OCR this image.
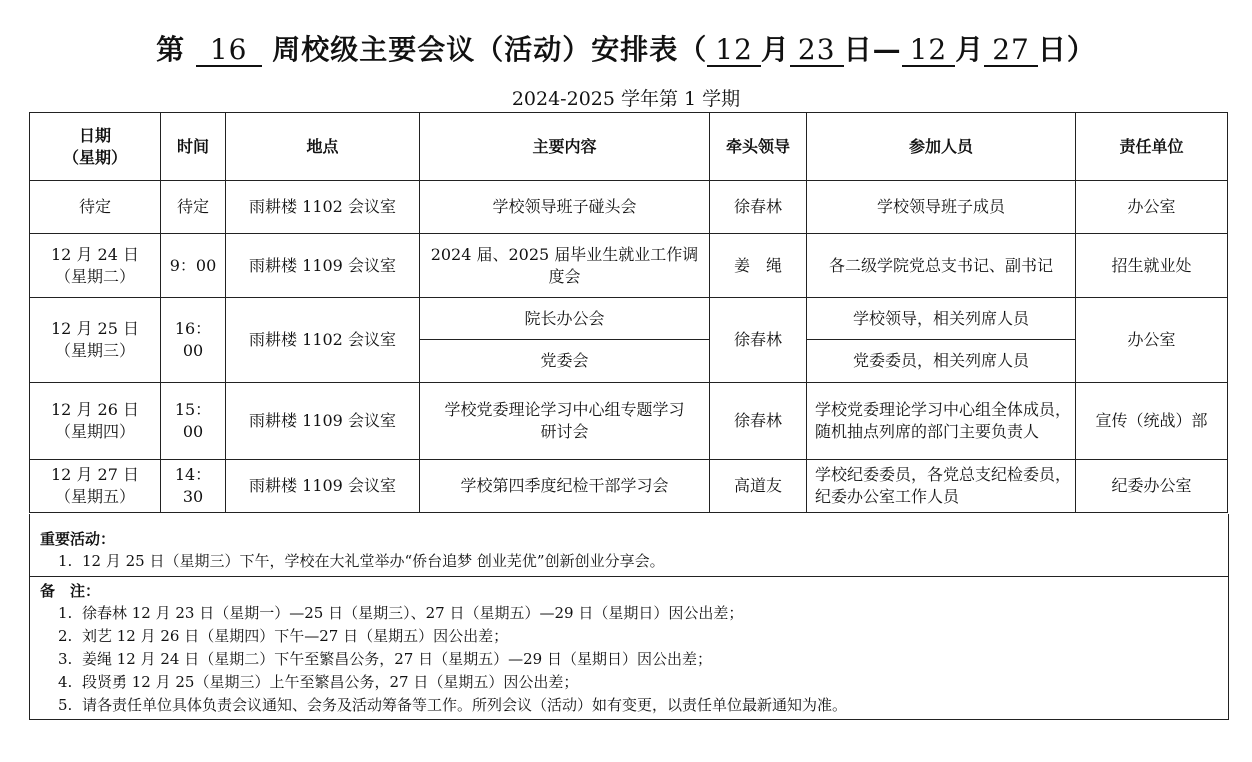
第 16 周校级主要会议（活动）安排表（ 12 月 23 日— 12 月 27 日）
2024-2025 学年第 1 学期
日期
（星期）	时间	地点	主要内容	牵头领导	参加人员	责任单位
待定	待定	雨耕楼 1102 会议室	学校领导班子碰头会	徐春林	学校领导班子成员	办公室
12 月 24 日
（星期二）	9：00	雨耕楼 1109 会议室	2024 届、2025 届毕业生就业工作调度会	姜　绳	各二级学院党总支书记、副书记	招生就业处
12 月 25 日
（星期三）	16：00	雨耕楼 1102 会议室	院长办公会	徐春林	学校领导，相关列席人员	办公室
			党委会		党委委员，相关列席人员	
12 月 26 日
（星期四）	15：00	雨耕楼 1109 会议室	学校党委理论学习中心组专题学习研讨会	徐春林	学校党委理论学习中心组全体成员，随机抽点列席的部门主要负责人	宣传（统战）部
12 月 27 日
（星期五）	14：30	雨耕楼 1109 会议室	学校第四季度纪检干部学习会	高道友	学校纪委委员，各党总支纪检委员，纪委办公室工作人员	纪委办公室
重要活动：
1. 12 月 25 日（星期三）下午，学校在大礼堂举办“侨台追梦 创业芜优”创新创业分享会。
备　注：
1. 徐春林 12 月 23 日（星期一）—25 日（星期三）、27 日（星期五）—29 日（星期日）因公出差；
2. 刘艺 12 月 26 日（星期四）下午—27 日（星期五）因公出差；
3. 姜绳 12 月 24 日（星期二）下午至繁昌公务，27 日（星期五）—29 日（星期日）因公出差；
4. 段贤勇 12 月 25（星期三）上午至繁昌公务，27 日（星期五）因公出差；
5. 请各责任单位具体负责会议通知、会务及活动筹备等工作。所列会议（活动）如有变更，以责任单位最新通知为准。
